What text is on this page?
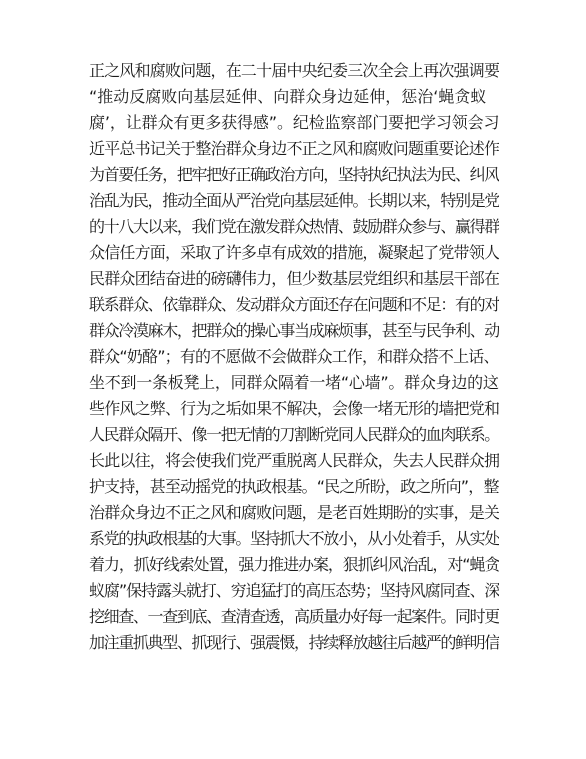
正之风和腐败问题，在二十届中央纪委三次全会上再次强调要
“推动反腐败向基层延伸、向群众身边延伸，惩治‘蝇贪蚁
腐’，让群众有更多获得感”。纪检监察部门要把学习领会习
近平总书记关于整治群众身边不正之风和腐败问题重要论述作
为首要任务，把牢把好正确政治方向，坚持执纪执法为民、纠风
治乱为民，推动全面从严治党向基层延伸。长期以来，特别是党
的十八大以来，我们党在激发群众热情、鼓励群众参与、赢得群
众信任方面，采取了许多卓有成效的措施，凝聚起了党带领人
民群众团结奋进的磅礴伟力，但少数基层党组织和基层干部在
联系群众、依靠群众、发动群众方面还存在问题和不足：有的对
群众冷漠麻木，把群众的操心事当成麻烦事，甚至与民争利、动
群众“奶酪”；有的不愿做不会做群众工作，和群众搭不上话、
坐不到一条板凳上，同群众隔着一堵“心墙”。群众身边的这
些作风之弊、行为之垢如果不解决，会像一堵无形的墙把党和
人民群众隔开、像一把无情的刀割断党同人民群众的血肉联系。
长此以往，将会使我们党严重脱离人民群众，失去人民群众拥
护支持，甚至动摇党的执政根基。“民之所盼，政之所向”，整
治群众身边不正之风和腐败问题，是老百姓期盼的实事，是关
系党的执政根基的大事。坚持抓大不放小，从小处着手，从实处
着力，抓好线索处置，强力推进办案，狠抓纠风治乱，对“蝇贪
蚁腐”保持露头就打、穷追猛打的高压态势；坚持风腐同查、深
挖细查、一查到底、查清查透，高质量办好每一起案件。同时更
加注重抓典型、抓现行、强震慑，持续释放越往后越严的鲜明信
